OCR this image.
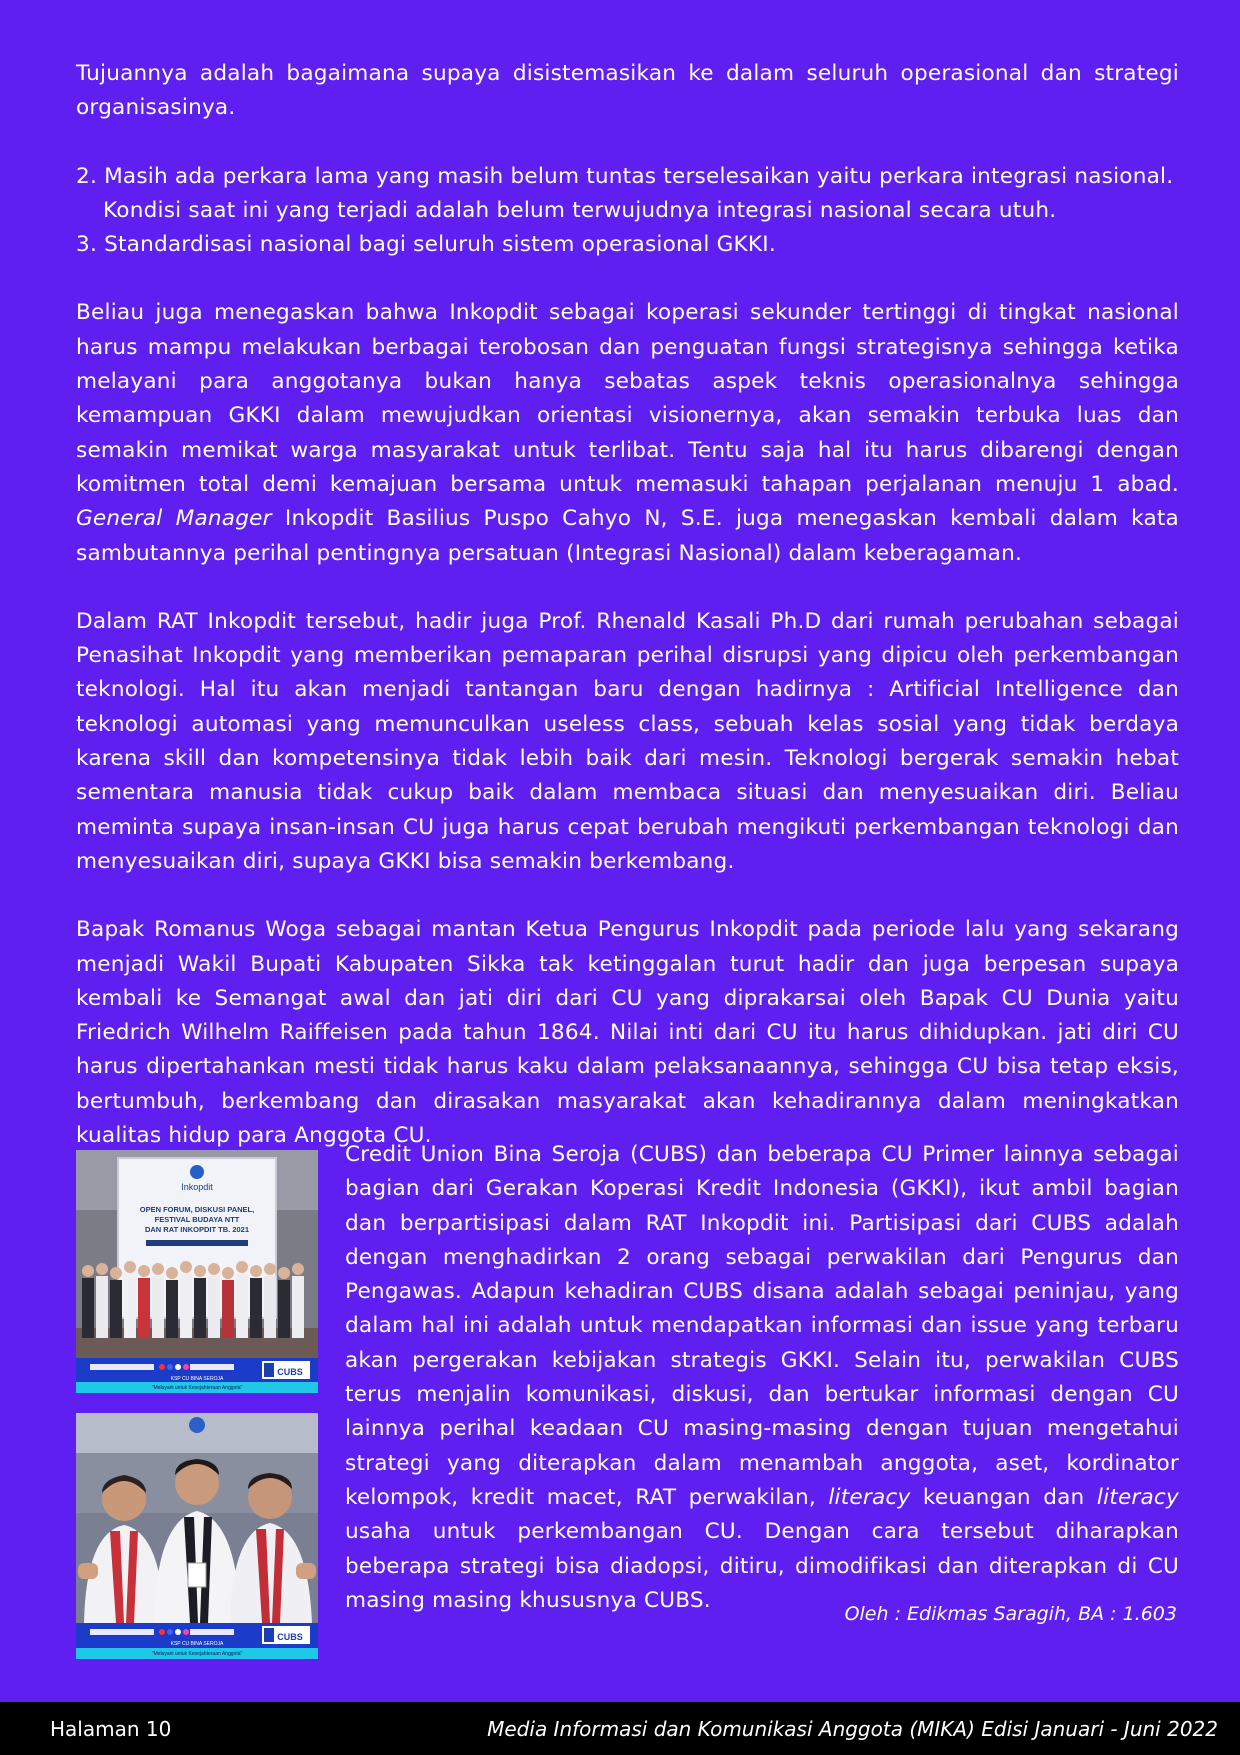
Tujuannya adalah bagaimana supaya disistemasikan ke dalam seluruh operasional dan strategi organisasinya.

2. Masih ada perkara lama yang masih belum tuntas terselesaikan yaitu perkara integrasi nasional. Kondisi saat ini yang terjadi adalah belum terwujudnya integrasi nasional secara utuh.

3. Standardisasi nasional bagi seluruh sistem operasional GKKI.

Beliau juga menegaskan bahwa Inkopdit sebagai koperasi sekunder tertinggi di tingkat nasional harus mampu melakukan berbagai terobosan dan penguatan fungsi strategisnya sehingga ketika melayani para anggotanya bukan hanya sebatas aspek teknis operasionalnya sehingga kemampuan GKKI dalam mewujudkan orientasi visionernya, akan semakin terbuka luas dan semakin memikat warga masyarakat untuk terlibat. Tentu saja hal itu harus dibarengi dengan komitmen total demi kemajuan bersama untuk memasuki tahapan perjalanan menuju 1 abad. General Manager Inkopdit Basilius Puspo Cahyo N, S.E. juga menegaskan kembali dalam kata sambutannya perihal pentingnya persatuan (Integrasi Nasional) dalam keberagaman.

Dalam RAT Inkopdit tersebut, hadir juga Prof. Rhenald Kasali Ph.D dari rumah perubahan sebagai Penasihat Inkopdit yang memberikan pemaparan perihal disrupsi yang dipicu oleh perkembangan teknologi. Hal itu akan menjadi tantangan baru dengan hadirnya : Artificial Intelligence dan teknologi automasi yang memunculkan useless class, sebuah kelas sosial yang tidak berdaya karena skill dan kompetensinya tidak lebih baik dari mesin. Teknologi bergerak semakin hebat sementara manusia tidak cukup baik dalam membaca situasi dan menyesuaikan diri. Beliau meminta supaya insan-insan CU juga harus cepat berubah mengikuti perkembangan teknologi dan menyesuaikan diri, supaya GKKI bisa semakin berkembang.

Bapak Romanus Woga sebagai mantan Ketua Pengurus Inkopdit pada periode lalu yang sekarang menjadi Wakil Bupati Kabupaten Sikka tak ketinggalan turut hadir dan juga berpesan supaya kembali ke Semangat awal dan jati diri dari CU yang diprakarsai oleh Bapak CU Dunia yaitu Friedrich Wilhelm Raiffeisen pada tahun 1864. Nilai inti dari CU itu harus dihidupkan. jati diri CU harus dipertahankan mesti tidak harus kaku dalam pelaksanaannya, sehingga CU bisa tetap eksis, bertumbuh, berkembang dan dirasakan masyarakat akan kehadirannya dalam meningkatkan kualitas hidup para Anggota CU.

Inkopdit
OPEN FORUM, DISKUSI PANEL,
FESTIVAL BUDAYA NTT
DAN RAT INKOPDIT TB. 2021
KSP CU BINA SEROJA
"Melayani untuk Kesejahteraan Anggota"
CUBS
KSP CU BINA SEROJA
"Melayani untuk Kesejahteraan Anggota"
CUBS

Credit Union Bina Seroja (CUBS) dan beberapa CU Primer lainnya sebagai bagian dari Gerakan Koperasi Kredit Indonesia (GKKI), ikut ambil bagian dan berpartisipasi dalam RAT Inkopdit ini. Partisipasi dari CUBS adalah dengan menghadirkan 2 orang sebagai perwakilan dari Pengurus dan Pengawas. Adapun kehadiran CUBS disana adalah sebagai peninjau, yang dalam hal ini adalah untuk mendapatkan informasi dan issue yang terbaru akan pergerakan kebijakan strategis GKKI. Selain itu, perwakilan CUBS terus menjalin komunikasi, diskusi, dan bertukar informasi dengan CU lainnya perihal keadaan CU masing-masing dengan tujuan mengetahui strategi yang diterapkan dalam menambah anggota, aset, kordinator kelompok, kredit macet, RAT perwakilan, literacy keuangan dan literacy usaha untuk perkembangan CU. Dengan cara tersebut diharapkan beberapa strategi bisa diadopsi, ditiru, dimodifikasi dan diterapkan di CU masing masing khususnya CUBS.

Oleh : Edikmas Saragih, BA : 1.603
Halaman 10	Media Informasi dan Komunikasi Anggota (MIKA) Edisi Januari - Juni 2022
